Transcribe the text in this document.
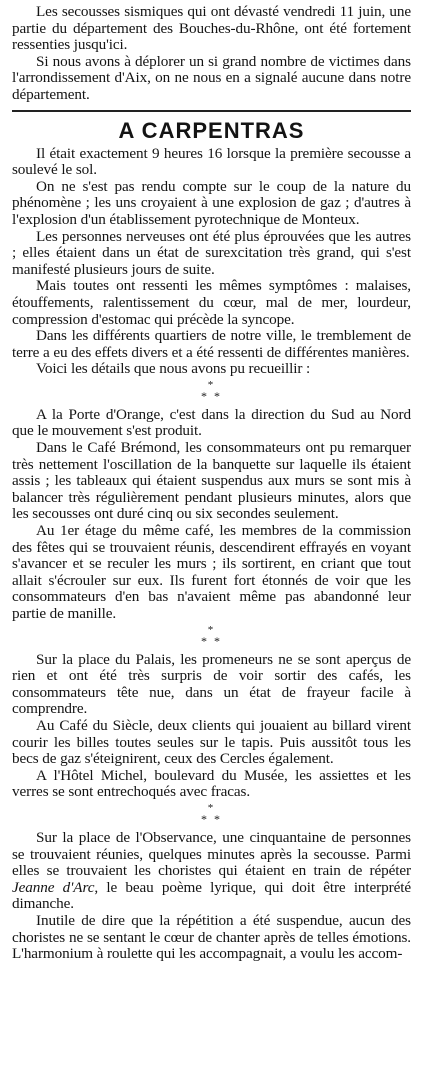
Les secousses sismiques qui ont dévasté vendredi 11 juin, une partie du département des Bouches-du-Rhône, ont été fortement ressenties jusqu'ici.

Si nous avons à déplorer un si grand nombre de victimes dans l'arrondissement d'Aix, on ne nous en a signalé aucune dans notre département.

A CARPENTRAS

Il était exactement 9 heures 16 lorsque la première secousse a soulevé le sol.

On ne s'est pas rendu compte sur le coup de la nature du phénomène ; les uns croyaient à une explosion de gaz ; d'autres à l'explosion d'un établissement pyrotechnique de Monteux.

Les personnes nerveuses ont été plus éprouvées que les autres ; elles étaient dans un état de surexcitation très grand, qui s'est manifesté plusieurs jours de suite.

Mais toutes ont ressenti les mêmes symptômes : malaises, étouffements, ralentissement du cœur, mal de mer, lourdeur, compression d'estomac qui précède la syncope.

Dans les différents quartiers de notre ville, le tremblement de terre a eu des effets divers et a été ressenti de différentes manières.

Voici les détails que nous avons pu recueillir :

*
* *

A la Porte d'Orange, c'est dans la direction du Sud au Nord que le mouvement s'est produit.

Dans le Café Brémond, les consommateurs ont pu remarquer très nettement l'oscillation de la banquette sur laquelle ils étaient assis ; les tableaux qui étaient suspendus aux murs se sont mis à balancer très régulièrement pendant plusieurs minutes, alors que les secousses ont duré cinq ou six secondes seulement.

Au 1er étage du même café, les membres de la commission des fêtes qui se trouvaient réunis, descendirent effrayés en voyant s'avancer et se reculer les murs ; ils sortirent, en criant que tout allait s'écrouler sur eux. Ils furent fort étonnés de voir que les consommateurs d'en bas n'avaient même pas abandonné leur partie de manille.

*
* *

Sur la place du Palais, les promeneurs ne se sont aperçus de rien et ont été très surpris de voir sortir des cafés, les consommateurs tête nue, dans un état de frayeur facile à comprendre.

Au Café du Siècle, deux clients qui jouaient au billard virent courir les billes toutes seules sur le tapis. Puis aussitôt tous les becs de gaz s'éteignirent, ceux des Cercles également.

A l'Hôtel Michel, boulevard du Musée, les assiettes et les verres se sont entrechoqués avec fracas.

*
* *

Sur la place de l'Observance, une cinquantaine de personnes se trouvaient réunies, quelques minutes après la secousse. Parmi elles se trouvaient les choristes qui étaient en train de répéter Jeanne d'Arc, le beau poème lyrique, qui doit être interprété dimanche.

Inutile de dire que la répétition a été suspendue, aucun des choristes ne se sentant le cœur de chanter après de telles émotions. L'harmonium à roulette qui les accompagnait, a voulu les accom-
